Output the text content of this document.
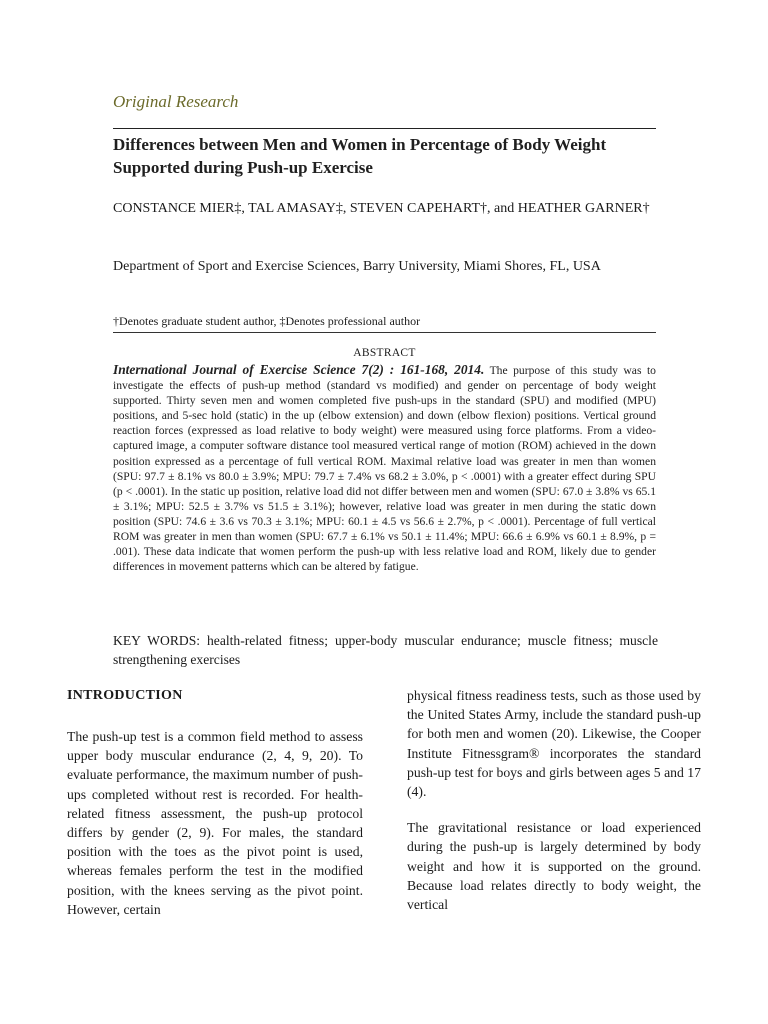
Original Research
Differences between Men and Women in Percentage of Body Weight Supported during Push-up Exercise
CONSTANCE MIER‡, TAL AMASAY‡, STEVEN CAPEHART†, and HEATHER GARNER†
Department of Sport and Exercise Sciences, Barry University, Miami Shores, FL, USA
†Denotes graduate student author, ‡Denotes professional author
ABSTRACT
International Journal of Exercise Science 7(2) : 161-168, 2014. The purpose of this study was to investigate the effects of push-up method (standard vs modified) and gender on percentage of body weight supported. Thirty seven men and women completed five push-ups in the standard (SPU) and modified (MPU) positions, and 5-sec hold (static) in the up (elbow extension) and down (elbow flexion) positions. Vertical ground reaction forces (expressed as load relative to body weight) were measured using force platforms. From a video-captured image, a computer software distance tool measured vertical range of motion (ROM) achieved in the down position expressed as a percentage of full vertical ROM. Maximal relative load was greater in men than women (SPU: 97.7 ± 8.1% vs 80.0 ± 3.9%; MPU: 79.7 ± 7.4% vs 68.2 ± 3.0%, p < .0001) with a greater effect during SPU (p < .0001). In the static up position, relative load did not differ between men and women (SPU: 67.0 ± 3.8% vs 65.1 ± 3.1%; MPU: 52.5 ± 3.7% vs 51.5 ± 3.1%); however, relative load was greater in men during the static down position (SPU: 74.6 ± 3.6 vs 70.3 ± 3.1%; MPU: 60.1 ± 4.5 vs 56.6 ± 2.7%, p < .0001). Percentage of full vertical ROM was greater in men than women (SPU: 67.7 ± 6.1% vs 50.1 ± 11.4%; MPU: 66.6 ± 6.9% vs 60.1 ± 8.9%, p = .001). These data indicate that women perform the push-up with less relative load and ROM, likely due to gender differences in movement patterns which can be altered by fatigue.
KEY WORDS: health-related fitness; upper-body muscular endurance; muscle fitness; muscle strengthening exercises
INTRODUCTION

The push-up test is a common field method to assess upper body muscular endurance (2, 4, 9, 20). To evaluate performance, the maximum number of push-ups completed without rest is recorded. For health-related fitness assessment, the push-up protocol differs by gender (2, 9). For males, the standard position with the toes as the pivot point is used, whereas females perform the test in the modified position, with the knees serving as the pivot point. However, certain

physical fitness readiness tests, such as those used by the United States Army, include the standard push-up for both men and women (20). Likewise, the Cooper Institute Fitnessgram® incorporates the standard push-up test for boys and girls between ages 5 and 17 (4).

The gravitational resistance or load experienced during the push-up is largely determined by body weight and how it is supported on the ground. Because load relates directly to body weight, the vertical
